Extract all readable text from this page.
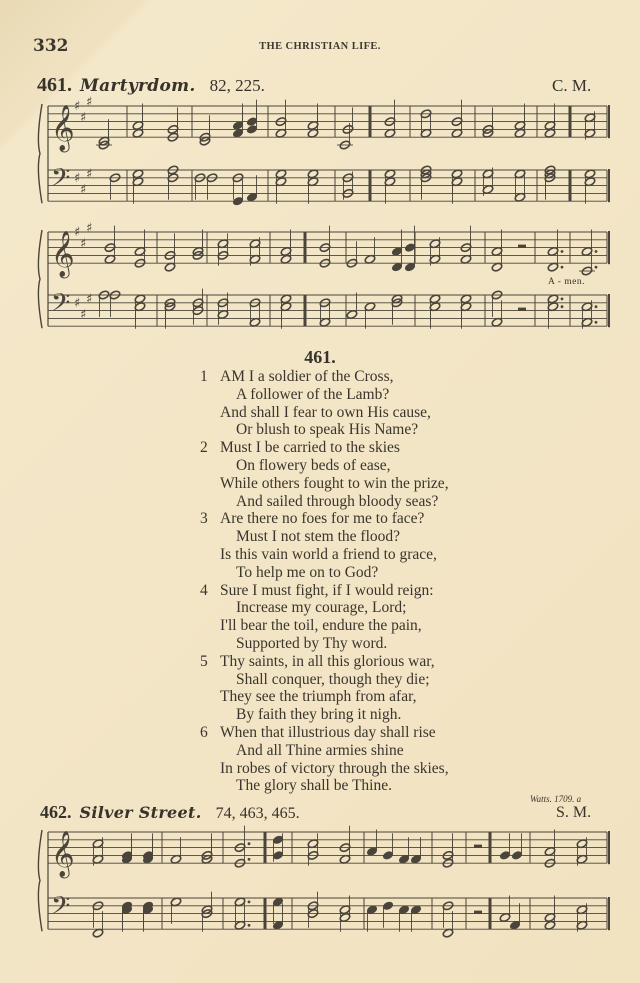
332	THE CHRISTIAN LIFE.
461. Martyrdom. 82, 225.	C. M.
𝄞
𝄢
♯
♯
♯
♯
♯
♯
𝄞
𝄢
♯
♯
♯
♯
♯
♯
A - men.
461.
AM I a soldier of the Cross,
A follower of the Lamb?
And shall I fear to own His cause,
Or blush to speak His Name?
1
Must I be carried to the skies
On flowery beds of ease,
While others fought to win the prize,
And sailed through bloody seas?
2
Are there no foes for me to face?
Must I not stem the flood?
Is this vain world a friend to grace,
To help me on to God?
3
Sure I must fight, if I would reign:
Increase my courage, Lord;
I'll bear the toil, endure the pain,
Supported by Thy word.
4
Thy saints, in all this glorious war,
Shall conquer, though they die;
They see the triumph from afar,
By faith they bring it nigh.
5
When that illustrious day shall rise
And all Thine armies shine
In robes of victory through the skies,
The glory shall be Thine.
6
Watts. 1709. a
462. Silver Street. 74, 463, 465.	S. M.
𝄞
𝄢
